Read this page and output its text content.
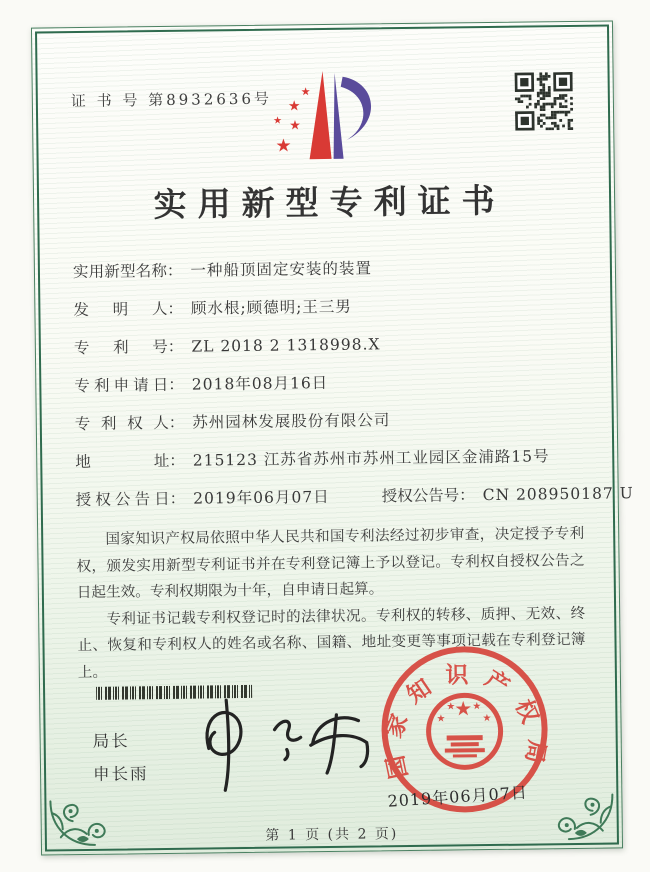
证 书 号 第8932636号	★
★
★ ★
★
实用新型专利证书
实用新型名称： 一种船顶固定安装的装置
发明人： 顾水根;顾德明;王三男
专利号： ZL 2018 2 1318998.X
专利申请日： 2018年08月16日
专利权人： 苏州园林发展股份有限公司
地址： 215123 江苏省苏州市苏州工业园区金浦路15号
授权公告日： 2019年06月07日	授权公告号： CN 208950187 U

国家知识产权局依照中华人民共和国专利法经过初步审查，决定授予专利权，颁发实用新型专利证书并在专利登记簿上予以登记。专利权自授权公告之日起生效。专利权期限为十年，自申请日起算。

专利证书记载专利权登记时的法律状况。专利权的转移、质押、无效、终止、恢复和专利权人的姓名或名称、国籍、地址变更等事项记载在专利登记簿上。

局长
申长雨	国家知识产权局
★
★
★ ★
★
2019年06月07日
第 1 页 (共 2 页)
